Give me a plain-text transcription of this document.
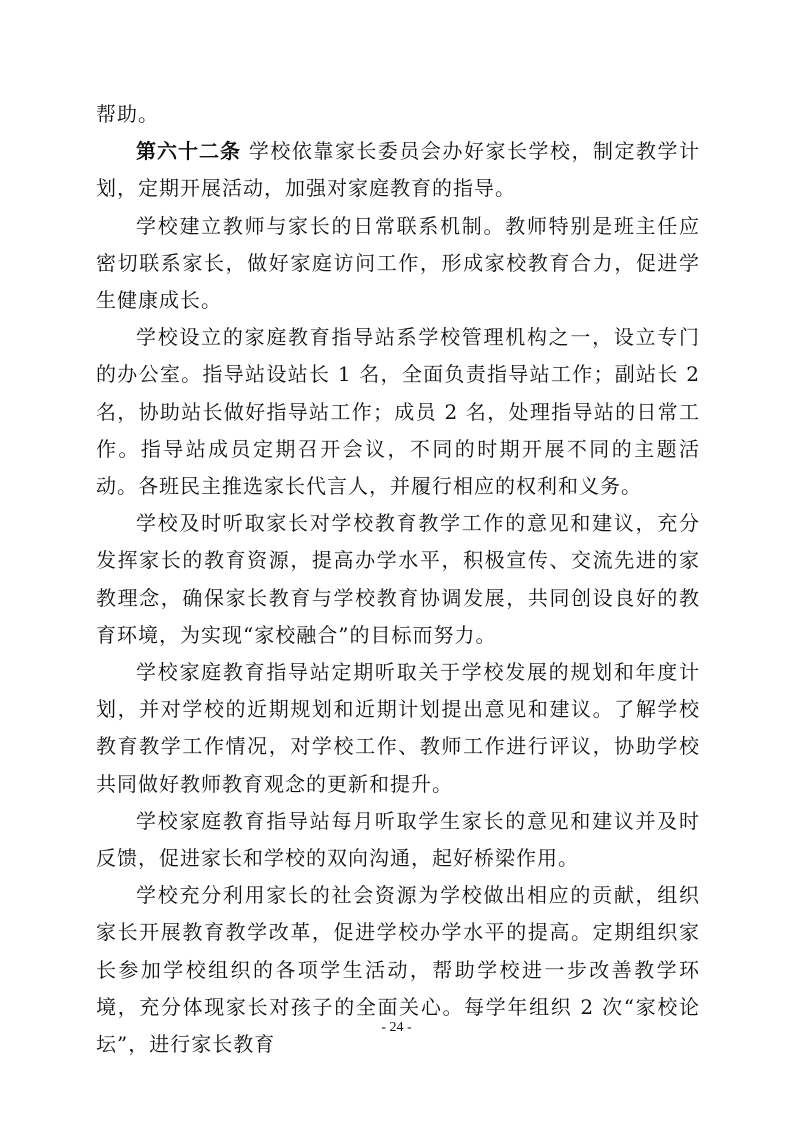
帮助。

第六十二条 学校依靠家长委员会办好家长学校，制定教学计划，定期开展活动，加强对家庭教育的指导。

学校建立教师与家长的日常联系机制。教师特别是班主任应密切联系家长，做好家庭访问工作，形成家校教育合力，促进学生健康成长。

学校设立的家庭教育指导站系学校管理机构之一，设立专门的办公室。指导站设站长 1 名，全面负责指导站工作；副站长 2名，协助站长做好指导站工作；成员 2 名，处理指导站的日常工作。指导站成员定期召开会议，不同的时期开展不同的主题活动。各班民主推选家长代言人，并履行相应的权利和义务。

学校及时听取家长对学校教育教学工作的意见和建议，充分发挥家长的教育资源，提高办学水平，积极宣传、交流先进的家教理念，确保家长教育与学校教育协调发展，共同创设良好的教育环境，为实现“家校融合”的目标而努力。

学校家庭教育指导站定期听取关于学校发展的规划和年度计划，并对学校的近期规划和近期计划提出意见和建议。了解学校教育教学工作情况，对学校工作、教师工作进行评议，协助学校共同做好教师教育观念的更新和提升。

学校家庭教育指导站每月听取学生家长的意见和建议并及时反馈，促进家长和学校的双向沟通，起好桥梁作用。

学校充分利用家长的社会资源为学校做出相应的贡献，组织家长开展教育教学改革，促进学校办学水平的提高。定期组织家长参加学校组织的各项学生活动，帮助学校进一步改善教学环境，充分体现家长对孩子的全面关心。每学年组织 2 次“家校论坛”，进行家长教育

- 24 -
